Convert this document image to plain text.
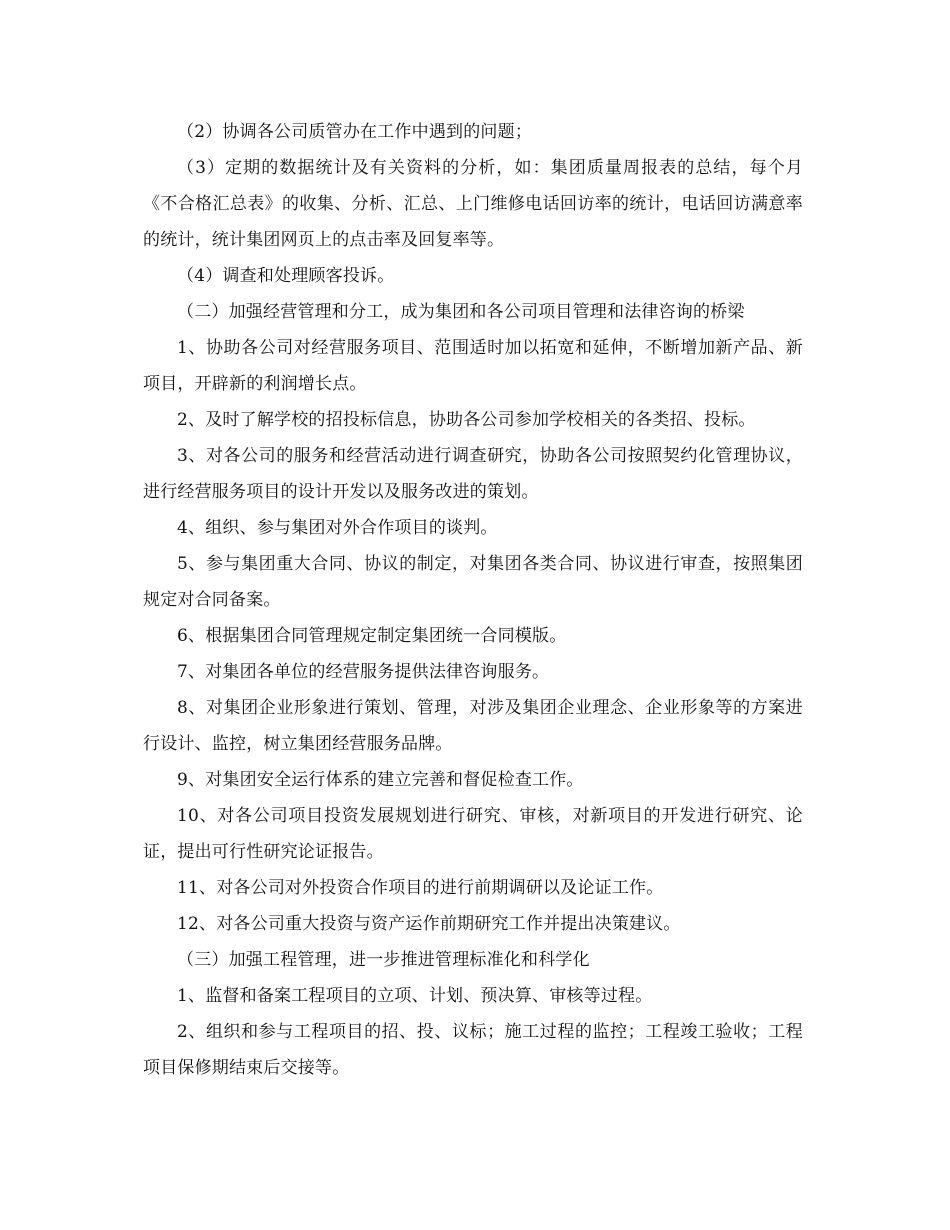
（2）协调各公司质管办在工作中遇到的问题；

（3）定期的数据统计及有关资料的分析，如：集团质量周报表的总结，每个月《不合格汇总表》的收集、分析、汇总、上门维修电话回访率的统计，电话回访满意率的统计，统计集团网页上的点击率及回复率等。

（4）调查和处理顾客投诉。

（二）加强经营管理和分工，成为集团和各公司项目管理和法律咨询的桥梁

1、协助各公司对经营服务项目、范围适时加以拓宽和延伸，不断增加新产品、新项目，开辟新的利润增长点。

2、及时了解学校的招投标信息，协助各公司参加学校相关的各类招、投标。

3、对各公司的服务和经营活动进行调查研究，协助各公司按照契约化管理协议，进行经营服务项目的设计开发以及服务改进的策划。

4、组织、参与集团对外合作项目的谈判。

5、参与集团重大合同、协议的制定，对集团各类合同、协议进行审查，按照集团规定对合同备案。

6、根据集团合同管理规定制定集团统一合同模版。

7、对集团各单位的经营服务提供法律咨询服务。

8、对集团企业形象进行策划、管理，对涉及集团企业理念、企业形象等的方案进行设计、监控，树立集团经营服务品牌。

9、对集团安全运行体系的建立完善和督促检查工作。

10、对各公司项目投资发展规划进行研究、审核，对新项目的开发进行研究、论证，提出可行性研究论证报告。

11、对各公司对外投资合作项目的进行前期调研以及论证工作。

12、对各公司重大投资与资产运作前期研究工作并提出决策建议。

（三）加强工程管理，进一步推进管理标准化和科学化

1、监督和备案工程项目的立项、计划、预决算、审核等过程。

2、组织和参与工程项目的招、投、议标；施工过程的监控；工程竣工验收；工程项目保修期结束后交接等。
